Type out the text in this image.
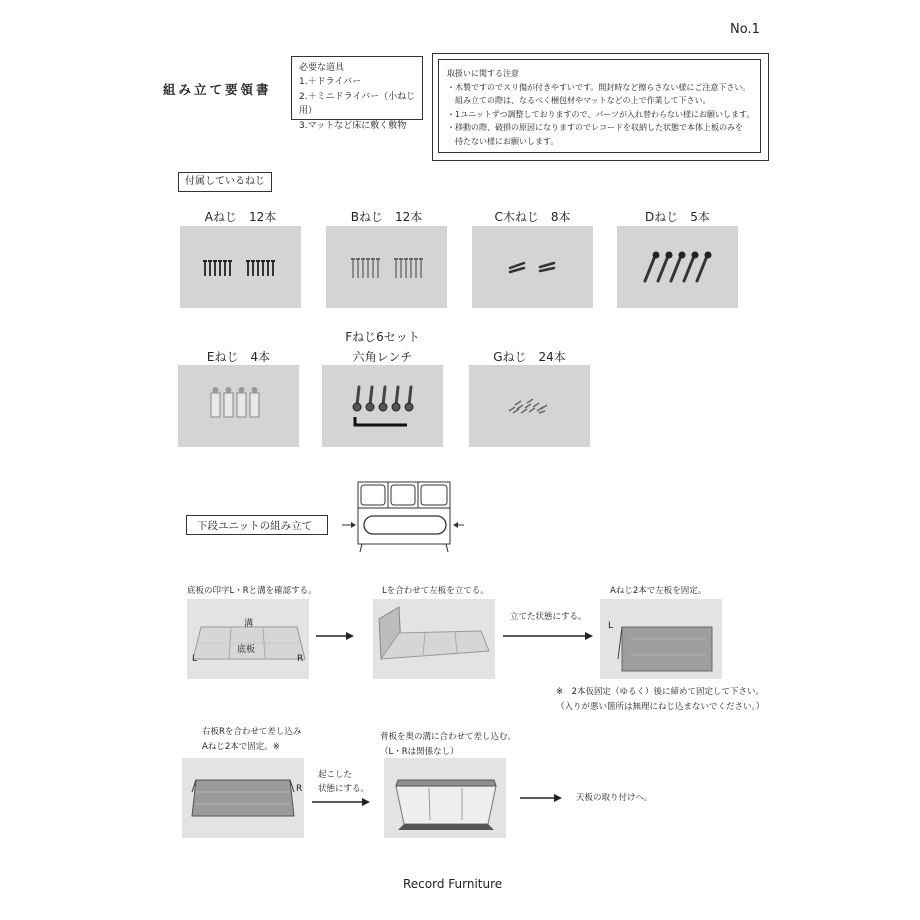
No.1
組み立て要領書
必要な道具
1.＋ドライバー
2.＋ミニドライバー（小ねじ用）
3.マットなど床に敷く敷物
取扱いに関する注意
・木製ですのでスリ傷が付きやすいです。開封時など擦らさない様にご注意下さい。
　組み立ての際は、なるべく梱包材やマットなどの上で作業して下さい。
・1ユニットずつ調整しておりますので、パーツが入れ替わらない様にお願いします。
・移動の際、破損の原因になりますのでレコードを収納した状態で本体上板のみを
　持たない様にお願いします。
付属しているねじ
Aねじ　12本	Bねじ　12本	C木ねじ　8本	Dねじ　5本
Fねじ6セット
Eねじ　4本	六角レンチ	Gねじ　24本
下段ユニットの組み立て
底板の印字L・Rと溝を確認する。
溝
底板
L	R
Lを合わせて左板を立てる。
立てた状態にする。
Aねじ2本で左板を固定。
L
※　2本仮固定（ゆるく）後に締めて固定して下さい。
（入りが悪い箇所は無理にねじ込まないでください。）
右板Rを合わせて差し込み
Aねじ2本で固定。※
R
起こした
状態にする。
背板を奥の溝に合わせて差し込む。
（L・Rは関係なし）
天板の取り付けへ。
Record Furniture
